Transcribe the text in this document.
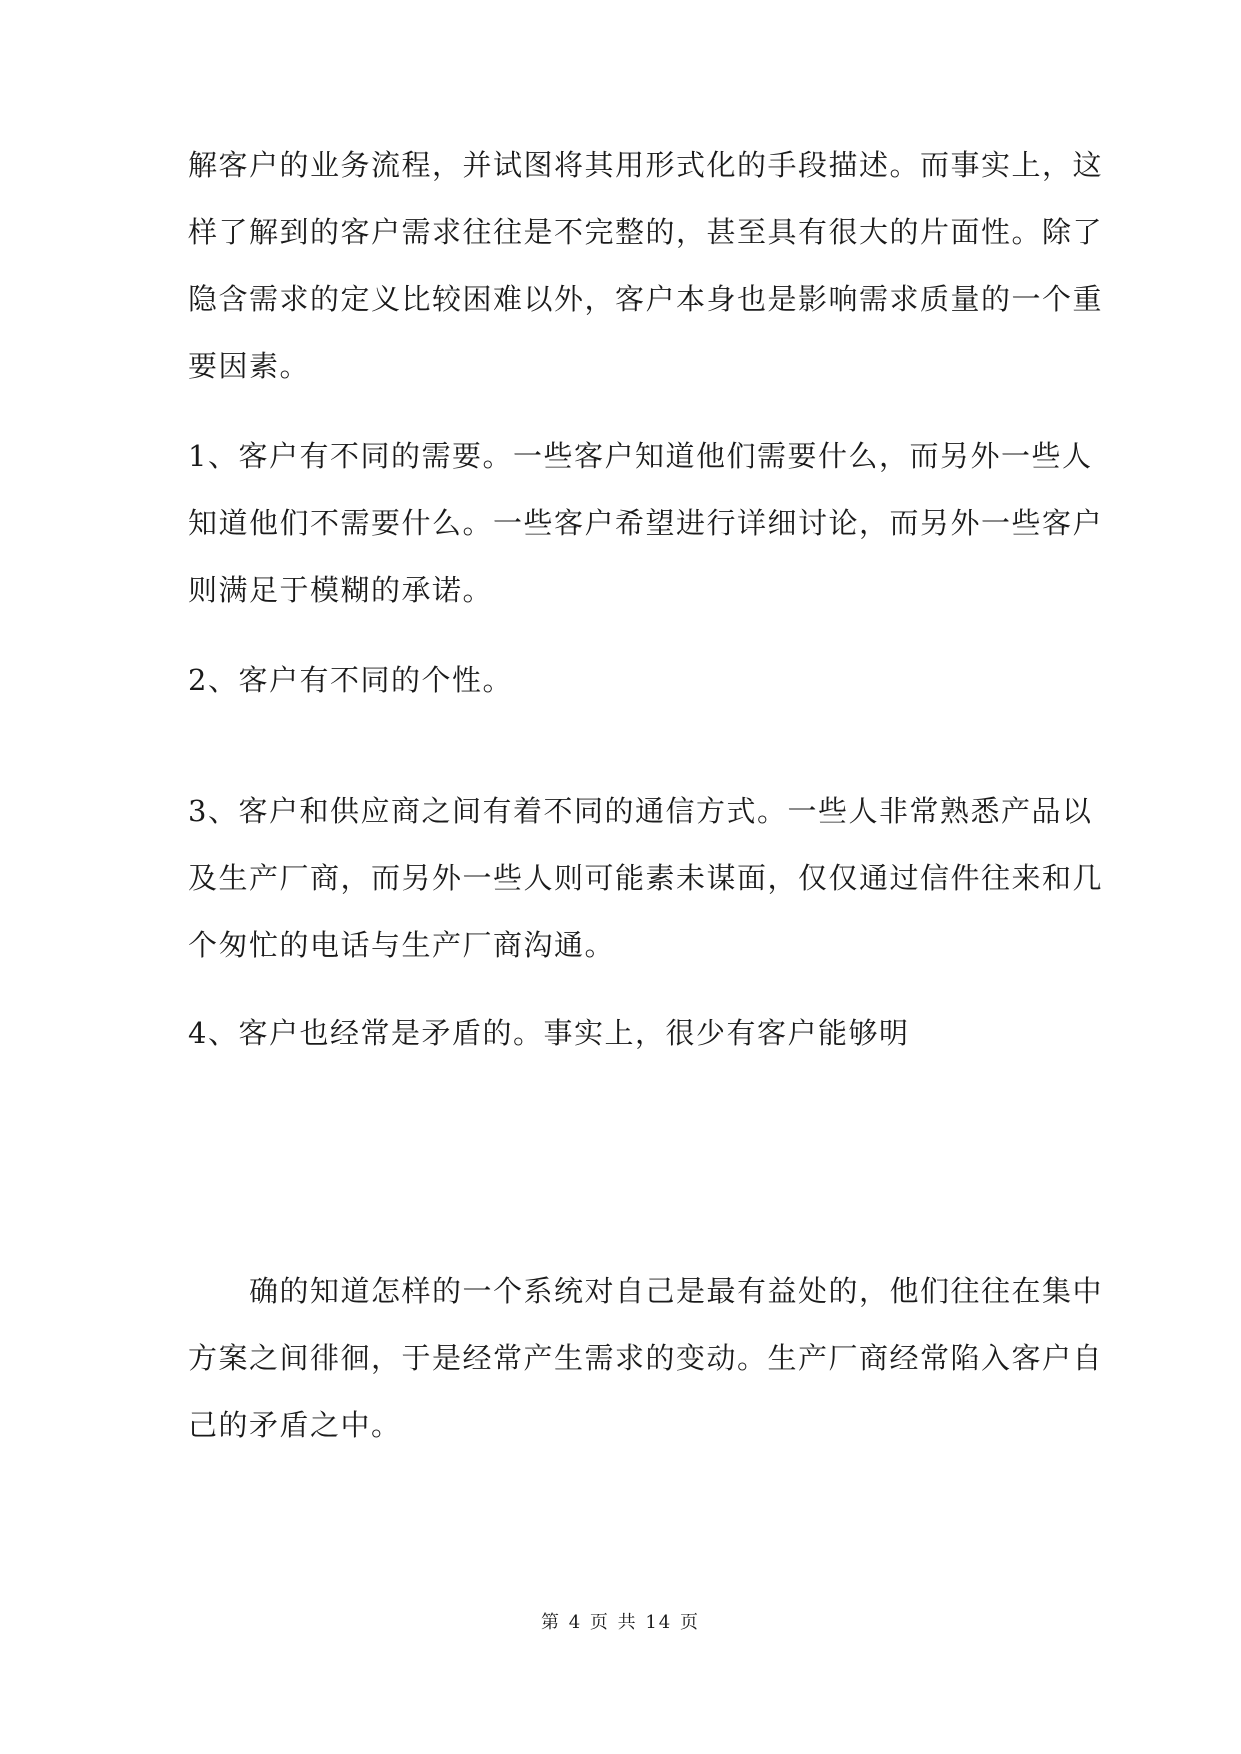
解客户的业务流程，并试图将其用形式化的手段描述。而事实上，这
样了解到的客户需求往往是不完整的，甚至具有很大的片面性。除了
隐含需求的定义比较困难以外，客户本身也是影响需求质量的一个重
要因素。
1、客户有不同的需要。一些客户知道他们需要什么，而另外一些人
知道他们不需要什么。一些客户希望进行详细讨论，而另外一些客户
则满足于模糊的承诺。
2、客户有不同的个性。
3、客户和供应商之间有着不同的通信方式。一些人非常熟悉产品以
及生产厂商，而另外一些人则可能素未谋面，仅仅通过信件往来和几
个匆忙的电话与生产厂商沟通。
4、客户也经常是矛盾的。事实上，很少有客户能够明
　　确的知道怎样的一个系统对自己是最有益处的，他们往往在集中
方案之间徘徊，于是经常产生需求的变动。生产厂商经常陷入客户自
己的矛盾之中。
第 4 页 共 14 页
